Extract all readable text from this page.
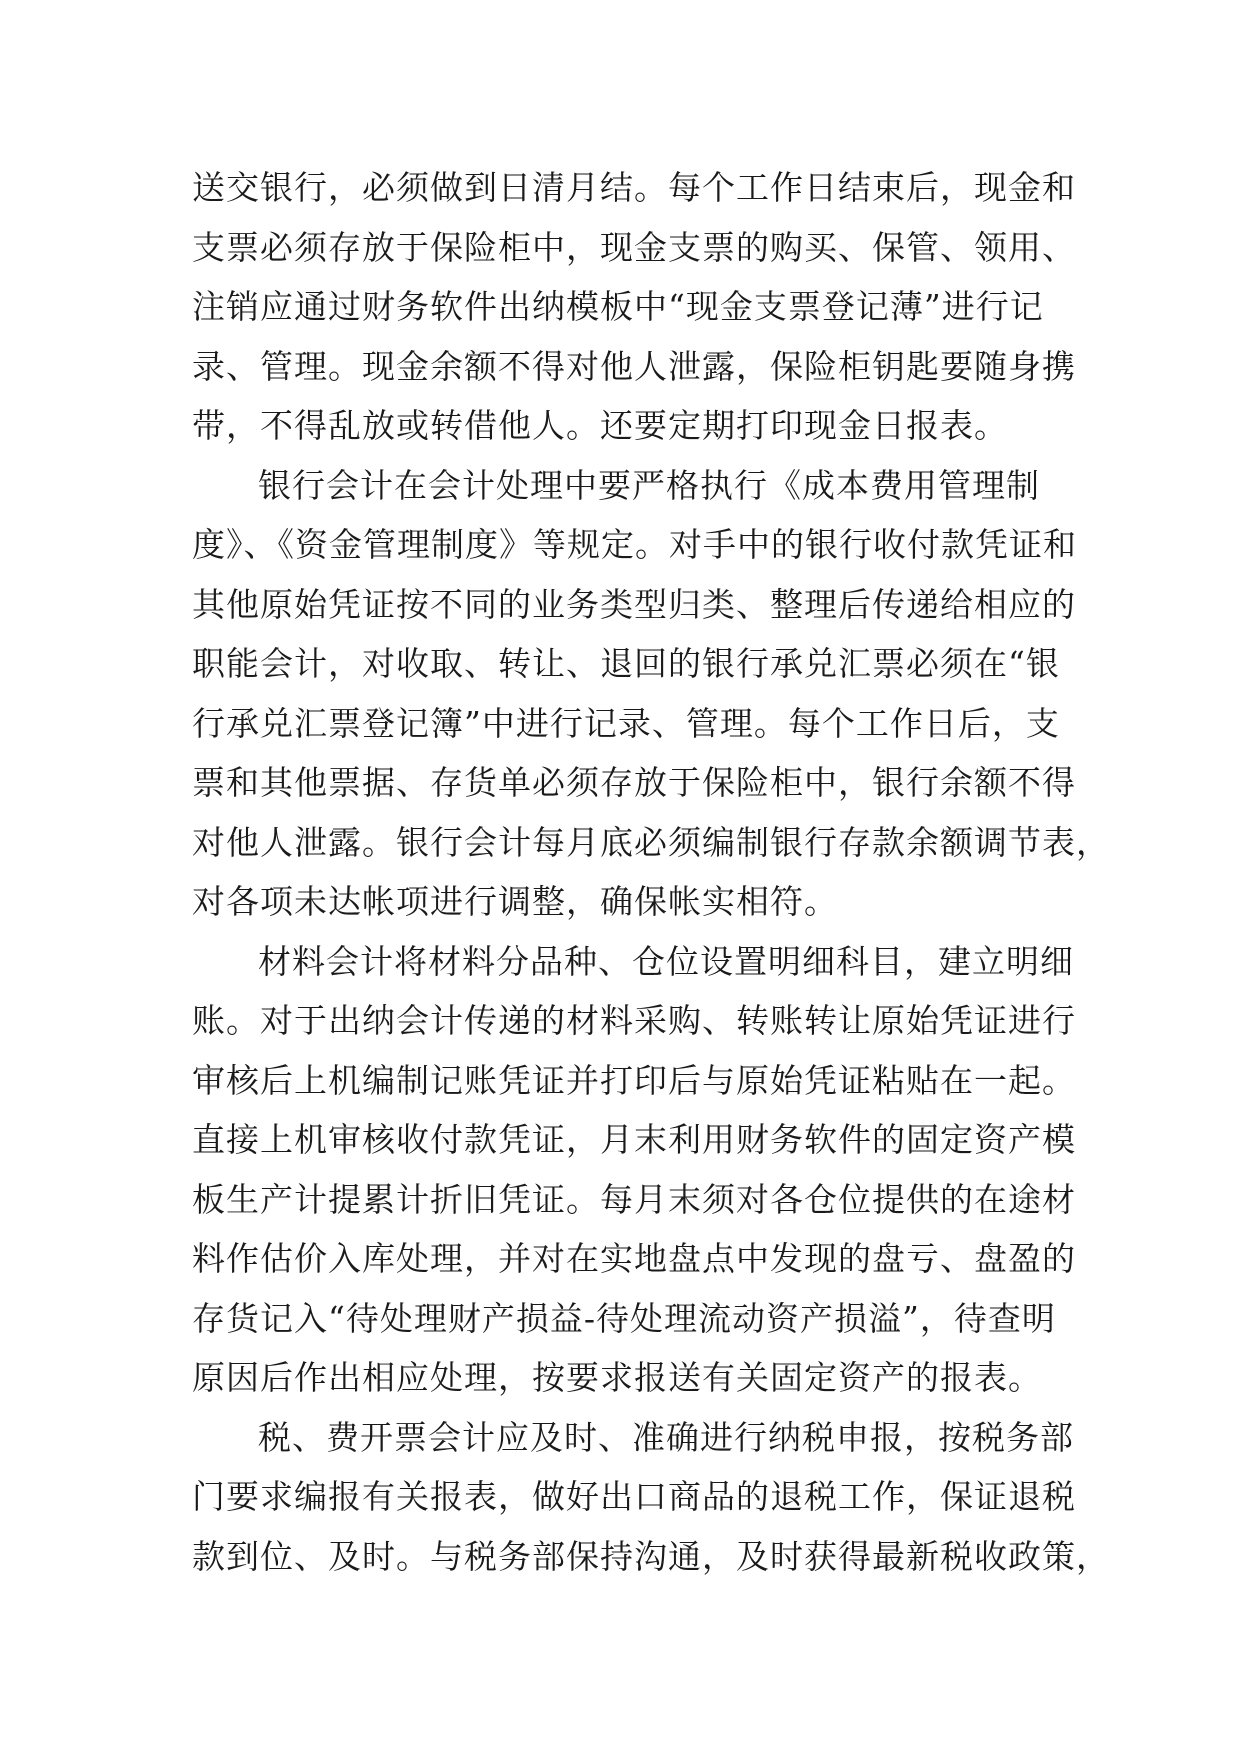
送交银行，必须做到日清月结。每个工作日结束后，现金和
支票必须存放于保险柜中，现金支票的购买、保管、领用、
注销应通过财务软件出纳模板中“现金支票登记薄”进行记
录、管理。现金余额不得对他人泄露，保险柜钥匙要随身携
带，不得乱放或转借他人。还要定期打印现金日报表。
银行会计在会计处理中要严格执行《成本费用管理制
度》、《资金管理制度》等规定。对手中的银行收付款凭证和
其他原始凭证按不同的业务类型归类、整理后传递给相应的
职能会计，对收取、转让、退回的银行承兑汇票必须在“银
行承兑汇票登记簿”中进行记录、管理。每个工作日后，支
票和其他票据、存货单必须存放于保险柜中，银行余额不得
对他人泄露。银行会计每月底必须编制银行存款余额调节表，
对各项未达帐项进行调整，确保帐实相符。
材料会计将材料分品种、仓位设置明细科目，建立明细
账。对于出纳会计传递的材料采购、转账转让原始凭证进行
审核后上机编制记账凭证并打印后与原始凭证粘贴在一起。
直接上机审核收付款凭证，月末利用财务软件的固定资产模
板生产计提累计折旧凭证。每月末须对各仓位提供的在途材
料作估价入库处理，并对在实地盘点中发现的盘亏、盘盈的
存货记入“待处理财产损益-待处理流动资产损溢”，待查明
原因后作出相应处理，按要求报送有关固定资产的报表。
税、费开票会计应及时、准确进行纳税申报，按税务部
门要求编报有关报表，做好出口商品的退税工作，保证退税
款到位、及时。与税务部保持沟通，及时获得最新税收政策，
